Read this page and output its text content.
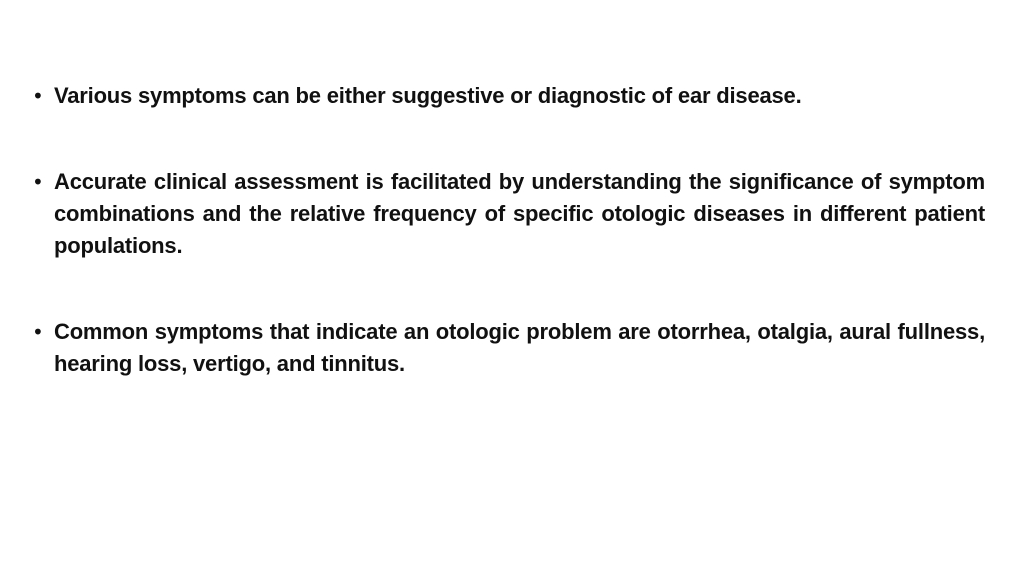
• Various symptoms can be either suggestive or diagnostic of ear disease.
• Accurate clinical assessment is facilitated by understanding the significance of symptom combinations and the relative frequency of specific otologic diseases in different patient populations.
• Common symptoms that indicate an otologic problem are otorrhea, otalgia, aural fullness, hearing loss, vertigo, and tinnitus.
